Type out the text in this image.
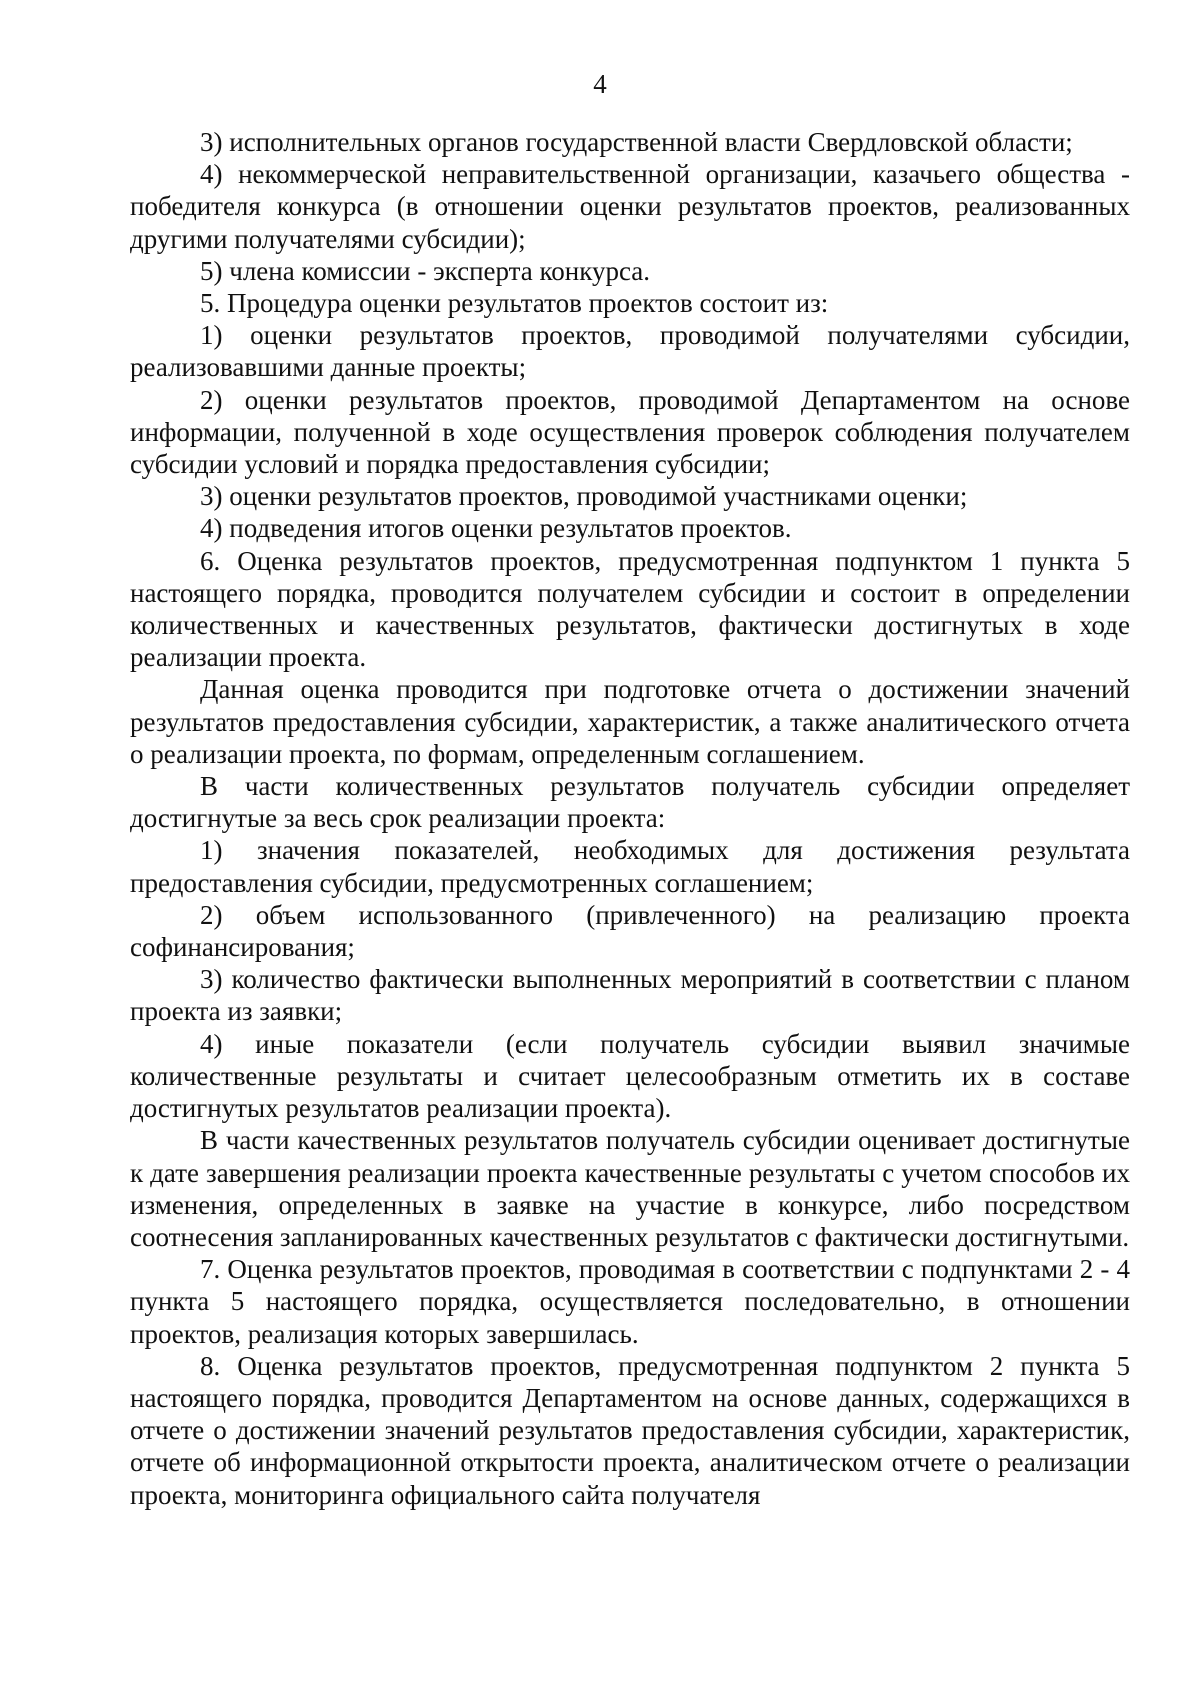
4

3) исполнительных органов государственной власти Свердловской области;

4) некоммерческой неправительственной организации, казачьего общества - победителя конкурса (в отношении оценки результатов проектов, реализованных другими получателями субсидии);

5) члена комиссии - эксперта конкурса.

5. Процедура оценки результатов проектов состоит из:

1) оценки результатов проектов, проводимой получателями субсидии, реализовавшими данные проекты;

2) оценки результатов проектов, проводимой Департаментом на основе информации, полученной в ходе осуществления проверок соблюдения получателем субсидии условий и порядка предоставления субсидии;

3) оценки результатов проектов, проводимой участниками оценки;

4) подведения итогов оценки результатов проектов.

6. Оценка результатов проектов, предусмотренная подпунктом 1 пункта 5 настоящего порядка, проводится получателем субсидии и состоит в определении количественных и качественных результатов, фактически достигнутых в ходе реализации проекта.

Данная оценка проводится при подготовке отчета о достижении значений результатов предоставления субсидии, характеристик, а также аналитического отчета о реализации проекта, по формам, определенным соглашением.

В части количественных результатов получатель субсидии определяет достигнутые за весь срок реализации проекта:

1) значения показателей, необходимых для достижения результата предоставления субсидии, предусмотренных соглашением;

2) объем использованного (привлеченного) на реализацию проекта софинансирования;

3) количество фактически выполненных мероприятий в соответствии с планом проекта из заявки;

4) иные показатели (если получатель субсидии выявил значимые количественные результаты и считает целесообразным отметить их в составе достигнутых результатов реализации проекта).

В части качественных результатов получатель субсидии оценивает достигнутые к дате завершения реализации проекта качественные результаты с учетом способов их изменения, определенных в заявке на участие в конкурсе, либо посредством соотнесения запланированных качественных результатов с фактически достигнутыми.

7. Оценка результатов проектов, проводимая в соответствии с подпунктами 2 - 4 пункта 5 настоящего порядка, осуществляется последовательно, в отношении проектов, реализация которых завершилась.

8. Оценка результатов проектов, предусмотренная подпунктом 2 пункта 5 настоящего порядка, проводится Департаментом на основе данных, содержащихся в отчете о достижении значений результатов предоставления субсидии, характеристик, отчете об информационной открытости проекта, аналитическом отчете о реализации проекта, мониторинга официального сайта получателя
